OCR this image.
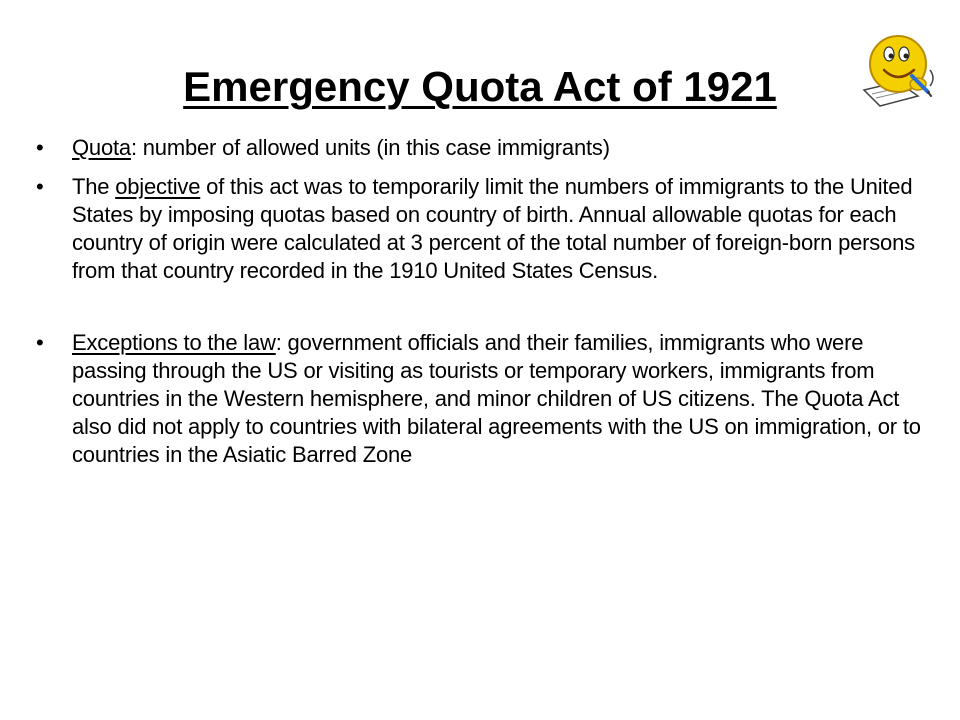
Emergency Quota Act of 1921
•	Quota: number of allowed units (in this case immigrants)
•	The objective of this act was to temporarily limit the numbers of immigrants to the United States by imposing quotas based on country of birth. Annual allowable quotas for each country of origin were calculated at 3 percent of the total number of foreign-born persons from that country recorded in the 1910 United States Census.
•	Exceptions to the law: government officials and their families, immigrants who were passing through the US or visiting as tourists or temporary workers, immigrants from countries in the Western hemisphere, and minor children of US citizens. The Quota Act also did not apply to countries with bilateral agreements with the US on immigration, or to countries in the Asiatic Barred Zone
